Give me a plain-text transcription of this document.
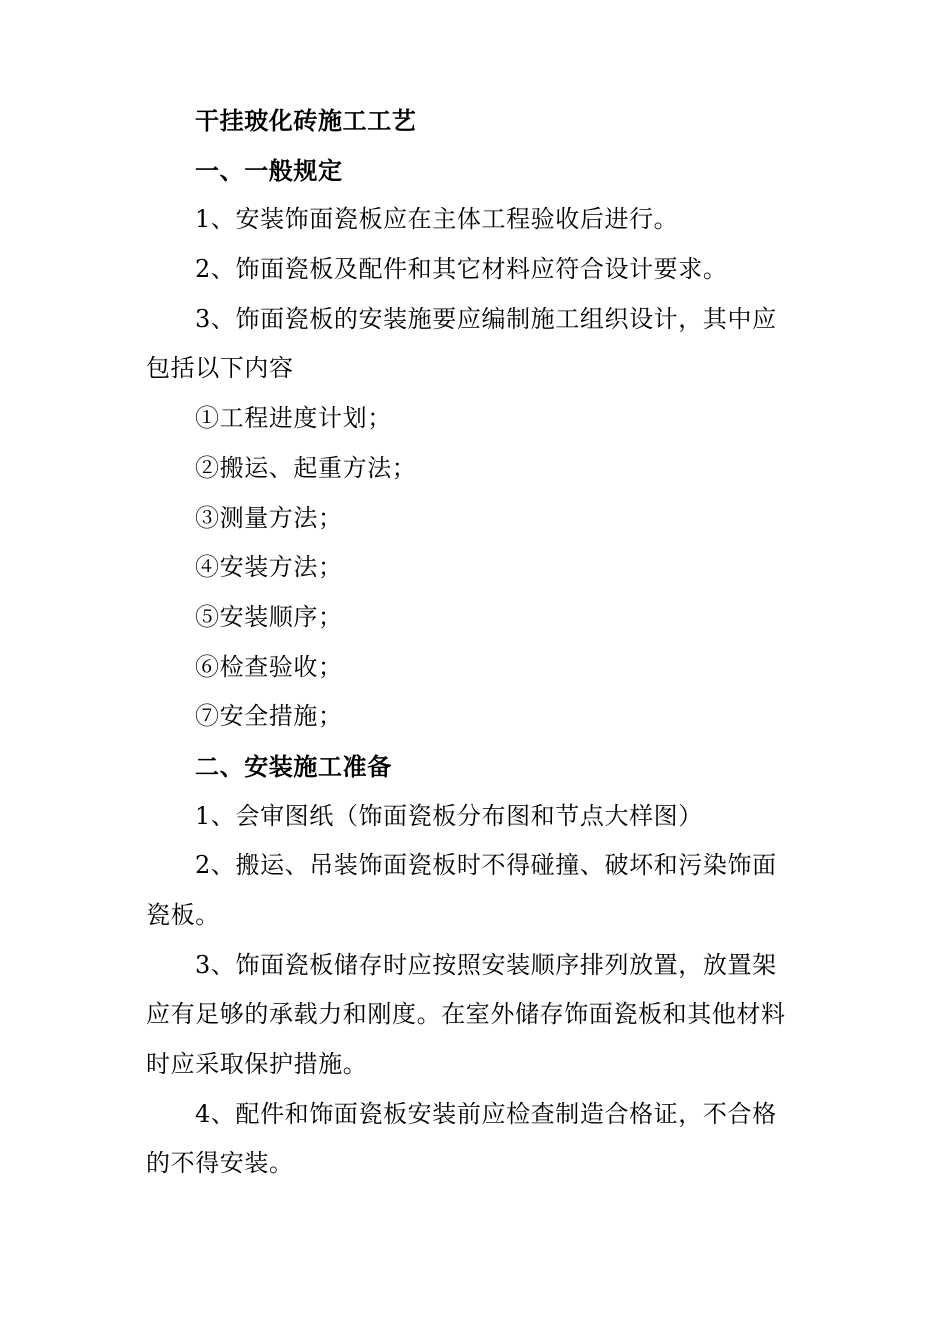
干挂玻化砖施工工艺
一、一般规定
1、安装饰面瓷板应在主体工程验收后进行。
2、饰面瓷板及配件和其它材料应符合设计要求。
3、饰面瓷板的安装施要应编制施工组织设计，其中应
包括以下内容
①工程进度计划；
②搬运、起重方法；
③测量方法；
④安装方法；
⑤安装顺序；
⑥检查验收；
⑦安全措施；
二、安装施工准备
1、会审图纸（饰面瓷板分布图和节点大样图）
2、搬运、吊装饰面瓷板时不得碰撞、破坏和污染饰面
瓷板。
3、饰面瓷板储存时应按照安装顺序排列放置，放置架
应有足够的承载力和刚度。在室外储存饰面瓷板和其他材料
时应采取保护措施。
4、配件和饰面瓷板安装前应检查制造合格证，不合格
的不得安装。
